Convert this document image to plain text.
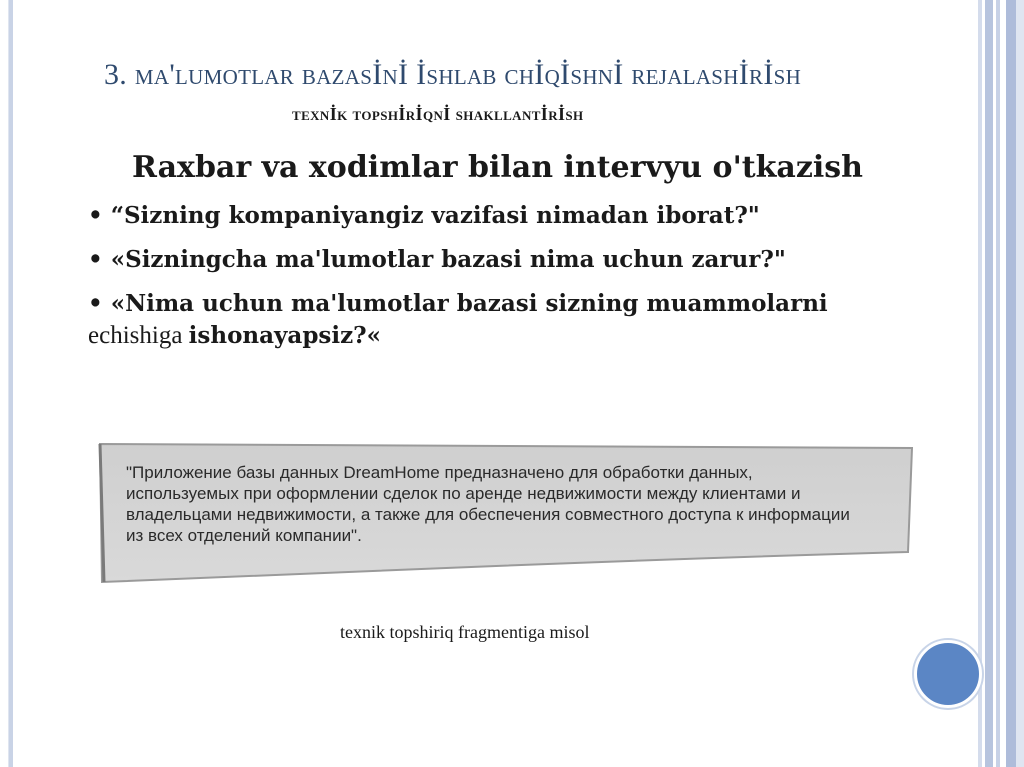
3. ma'lumotlar bazasİnİ İshlab chİqİshnİ rejalashİrİsh
texnİk topshİrİqnİ shakllantİrİsh
Raxbar va xodimlar bilan intervyu o'tkazish
• “Sizning kompaniyangiz vazifasi nimadan iborat?"
• «Sizningcha ma'lumotlar bazasi nima uchun zarur?"
• «Nima uchun ma'lumotlar bazasi sizning muammolarni
echishiga ishonayapsiz?«
"Приложение базы данных DreamHome предназначено для обработки данных,
используемых при оформлении сделок по аренде недвижимости между клиентами и
владельцами недвижимости, а также для обеспечения совместного доступа к информации
из всех отделений компании".
texnik topshiriq fragmentiga misol
